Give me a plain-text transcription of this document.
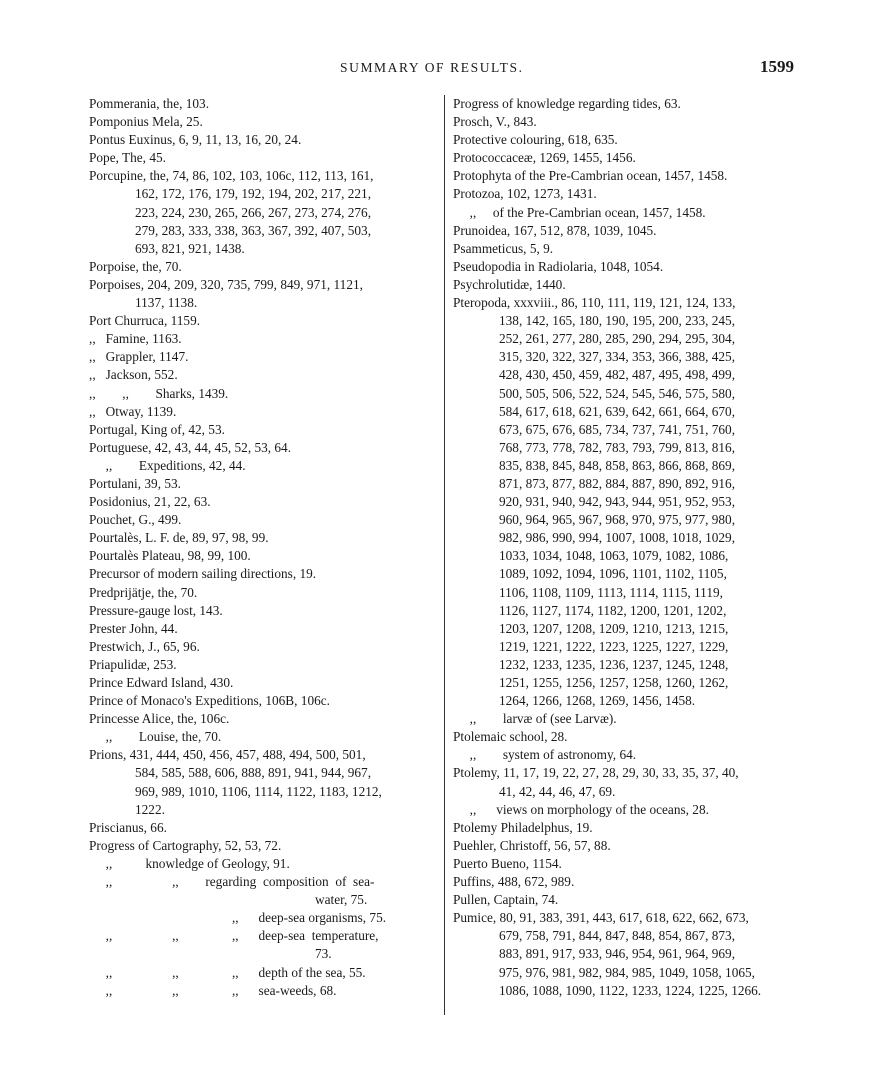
SUMMARY OF RESULTS.	1599
Pommerania, the, 103.
Pomponius Mela, 25.
Pontus Euxinus, 6, 9, 11, 13, 16, 20, 24.
Pope, The, 45.
Porcupine, the, 74, 86, 102, 103, 106c, 112, 113, 161,
162, 172, 176, 179, 192, 194, 202, 217, 221,
223, 224, 230, 265, 266, 267, 273, 274, 276,
279, 283, 333, 338, 363, 367, 392, 407, 503,
693, 821, 921, 1438.
Porpoise, the, 70.
Porpoises, 204, 209, 320, 735, 799, 849, 971, 1121,
1137, 1138.
Port Churruca, 1159.
,,   Famine, 1163.
,,   Grappler, 1147.
,,   Jackson, 552.
,,        ,,        Sharks, 1439.
,,   Otway, 1139.
Portugal, King of, 42, 53.
Portuguese, 42, 43, 44, 45, 52, 53, 64.
,,        Expeditions, 42, 44.
Portulani, 39, 53.
Posidonius, 21, 22, 63.
Pouchet, G., 499.
Pourtalès, L. F. de, 89, 97, 98, 99.
Pourtalès Plateau, 98, 99, 100.
Precursor of modern sailing directions, 19.
Predprijätje, the, 70.
Pressure-gauge lost, 143.
Prester John, 44.
Prestwich, J., 65, 96.
Priapulidæ, 253.
Prince Edward Island, 430.
Prince of Monaco's Expeditions, 106B, 106c.
Princesse Alice, the, 106c.
,,        Louise, the, 70.
Prions, 431, 444, 450, 456, 457, 488, 494, 500, 501,
584, 585, 588, 606, 888, 891, 941, 944, 967,
969, 989, 1010, 1106, 1114, 1122, 1183, 1212,
1222.
Priscianus, 66.
Progress of Cartography, 52, 53, 72.
,,          knowledge of Geology, 91.
,,                  ,,        regarding  composition  of  sea-
water, 75.
,,      deep-sea organisms, 75.
,,                  ,,                ,,      deep-sea  temperature,
73.
,,                  ,,                ,,      depth of the sea, 55.
,,                  ,,                ,,      sea-weeds, 68.
Progress of knowledge regarding tides, 63.
Prosch, V., 843.
Protective colouring, 618, 635.
Protococcaceæ, 1269, 1455, 1456.
Protophyta of the Pre-Cambrian ocean, 1457, 1458.
Protozoa, 102, 1273, 1431.
,,     of the Pre-Cambrian ocean, 1457, 1458.
Prunoidea, 167, 512, 878, 1039, 1045.
Psammeticus, 5, 9.
Pseudopodia in Radiolaria, 1048, 1054.
Psychrolutidæ, 1440.
Pteropoda, xxxviii., 86, 110, 111, 119, 121, 124, 133,
138, 142, 165, 180, 190, 195, 200, 233, 245,
252, 261, 277, 280, 285, 290, 294, 295, 304,
315, 320, 322, 327, 334, 353, 366, 388, 425,
428, 430, 450, 459, 482, 487, 495, 498, 499,
500, 505, 506, 522, 524, 545, 546, 575, 580,
584, 617, 618, 621, 639, 642, 661, 664, 670,
673, 675, 676, 685, 734, 737, 741, 751, 760,
768, 773, 778, 782, 783, 793, 799, 813, 816,
835, 838, 845, 848, 858, 863, 866, 868, 869,
871, 873, 877, 882, 884, 887, 890, 892, 916,
920, 931, 940, 942, 943, 944, 951, 952, 953,
960, 964, 965, 967, 968, 970, 975, 977, 980,
982, 986, 990, 994, 1007, 1008, 1018, 1029,
1033, 1034, 1048, 1063, 1079, 1082, 1086,
1089, 1092, 1094, 1096, 1101, 1102, 1105,
1106, 1108, 1109, 1113, 1114, 1115, 1119,
1126, 1127, 1174, 1182, 1200, 1201, 1202,
1203, 1207, 1208, 1209, 1210, 1213, 1215,
1219, 1221, 1222, 1223, 1225, 1227, 1229,
1232, 1233, 1235, 1236, 1237, 1245, 1248,
1251, 1255, 1256, 1257, 1258, 1260, 1262,
1264, 1266, 1268, 1269, 1456, 1458.
,,        larvæ of (see Larvæ).
Ptolemaic school, 28.
,,        system of astronomy, 64.
Ptolemy, 11, 17, 19, 22, 27, 28, 29, 30, 33, 35, 37, 40,
41, 42, 44, 46, 47, 69.
,,      views on morphology of the oceans, 28.
Ptolemy Philadelphus, 19.
Puehler, Christoff, 56, 57, 88.
Puerto Bueno, 1154.
Puffins, 488, 672, 989.
Pullen, Captain, 74.
Pumice, 80, 91, 383, 391, 443, 617, 618, 622, 662, 673,
679, 758, 791, 844, 847, 848, 854, 867, 873,
883, 891, 917, 933, 946, 954, 961, 964, 969,
975, 976, 981, 982, 984, 985, 1049, 1058, 1065,
1086, 1088, 1090, 1122, 1233, 1224, 1225, 1266.
